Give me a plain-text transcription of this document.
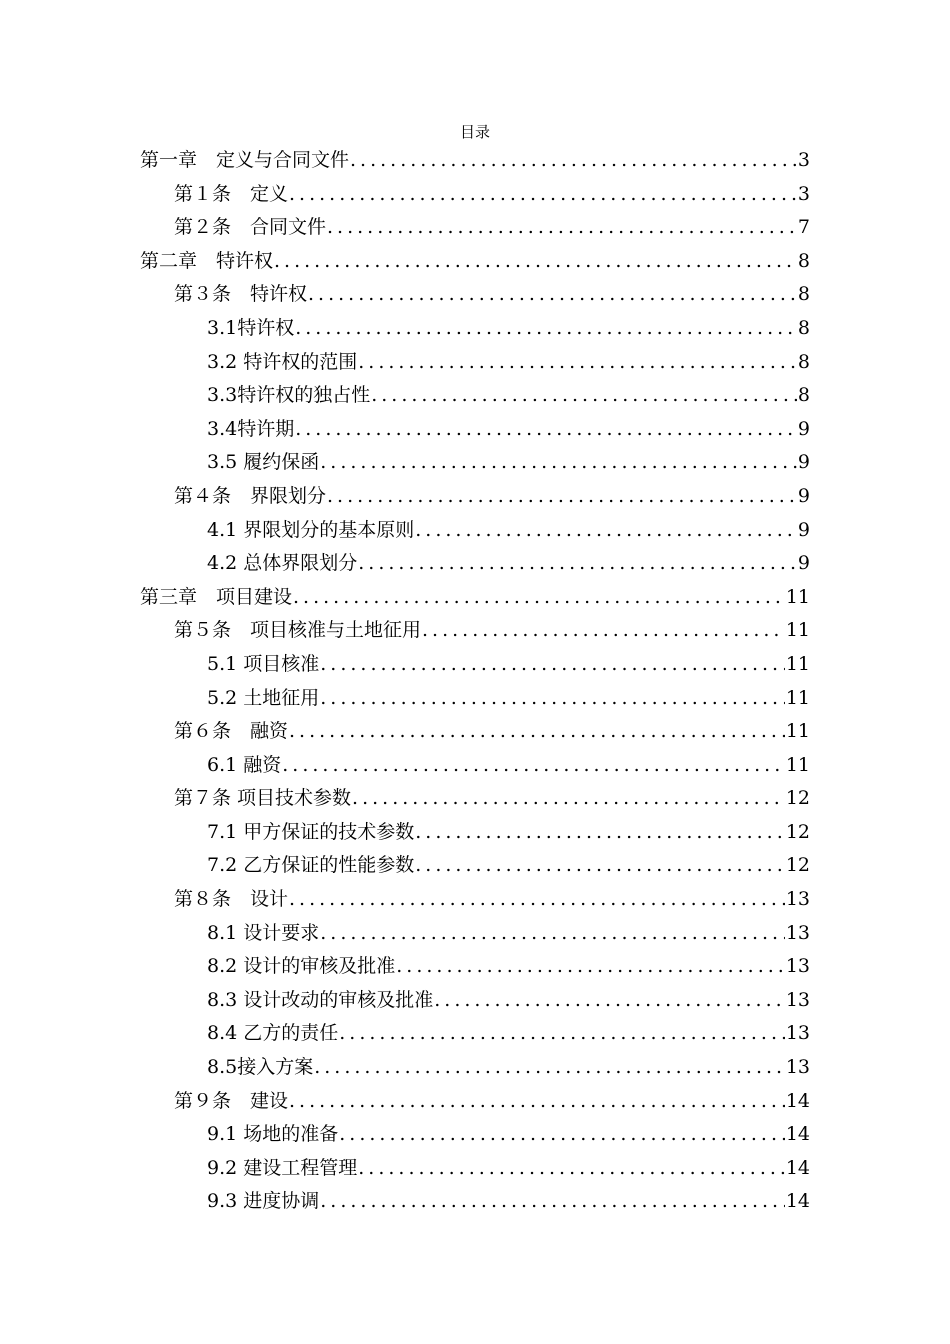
目录
第一章　定义与合同文件 .....	3
第１条　定义 .....	3
第２条　合同文件 .....	7
第二章　特许权 .....	8
第３条　特许权 .....	8
3.1特许权 .....	8
3.2 特许权的范围 .....	8
3.3特许权的独占性 .....	8
3.4特许期 .....	9
3.5 履约保函 .....	9
第４条　界限划分 .....	9
4.1 界限划分的基本原则 .....	9
4.2 总体界限划分 .....	9
第三章　项目建设 .....	11
第５条　项目核准与土地征用 .....	11
5.1 项目核准 .....	11
5.2 土地征用 .....	11
第６条　融资 .....	11
6.1 融资 .....	11
第７条 项目技术参数 .....	12
7.1 甲方保证的技术参数 .....	12
7.2 乙方保证的性能参数 .....	12
第８条　设计 .....	13
8.1 设计要求 .....	13
8.2 设计的审核及批准 .....	13
8.3 设计改动的审核及批准 .....	13
8.4 乙方的责任 .....	13
8.5接入方案 .....	13
第９条　建设 .....	14
9.1 场地的准备 .....	14
9.2 建设工程管理 .....	14
9.3 进度协调 .....	14
